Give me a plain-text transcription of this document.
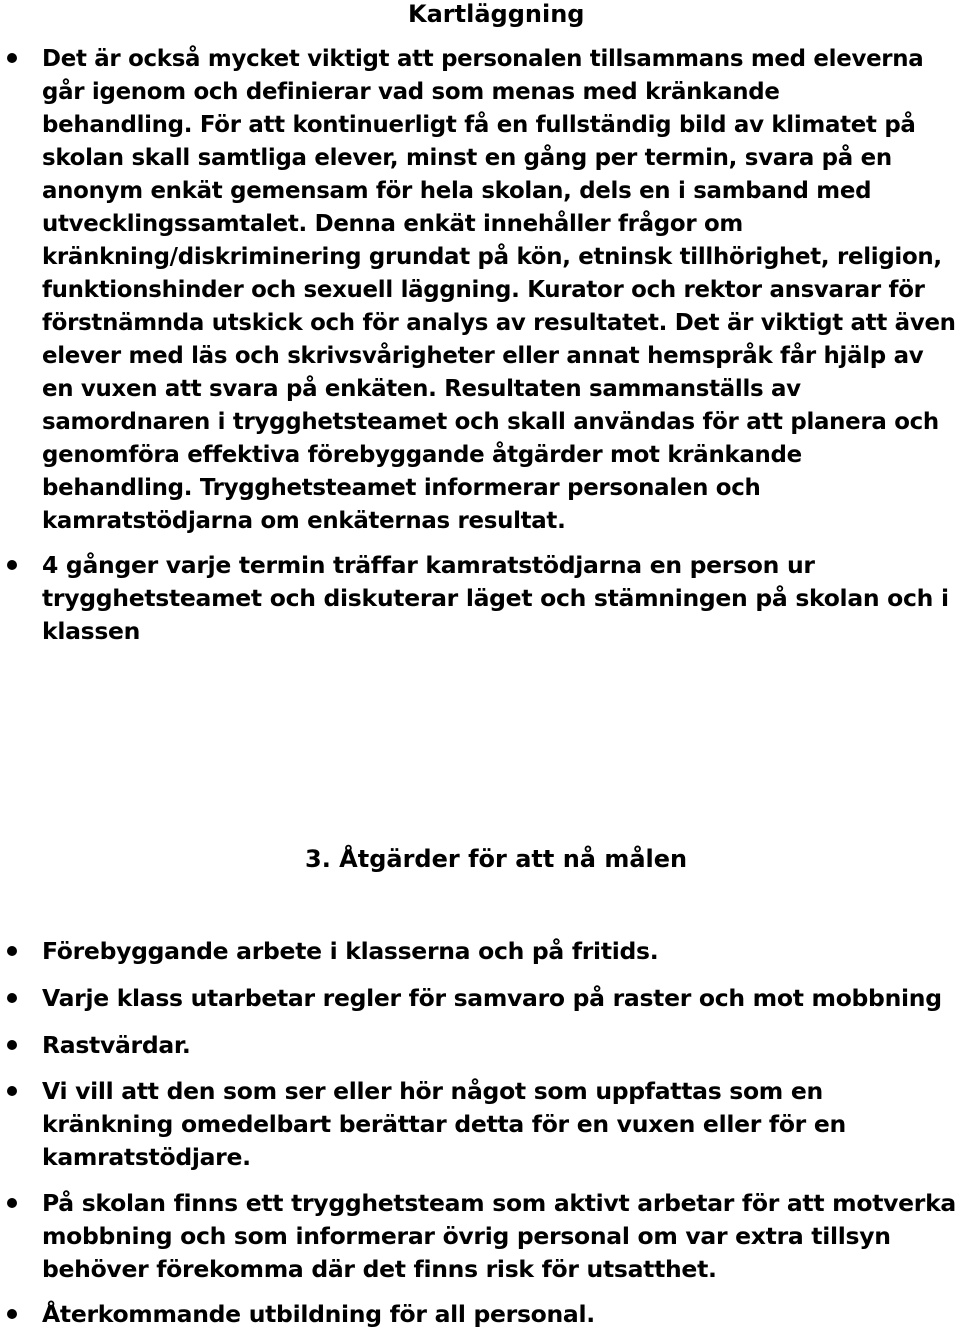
Kartläggning

Det är också mycket viktigt att personalen tillsammans med eleverna
går igenom och definierar vad som menas med kränkande
behandling. För att kontinuerligt få en fullständig bild av klimatet på
skolan skall samtliga elever, minst en gång per termin, svara på en
anonym enkät gemensam för hela skolan, dels en i samband med
utvecklingssamtalet. Denna enkät innehåller frågor om
kränkning/diskriminering grundat på kön, etninsk tillhörighet, religion,
funktionshinder och sexuell läggning. Kurator och rektor ansvarar för
förstnämnda utskick och för analys av resultatet. Det är viktigt att även
elever med läs och skrivsvårigheter eller annat hemspråk får hjälp av
en vuxen att svara på enkäten. Resultaten sammanställs av
samordnaren i trygghetsteamet och skall användas för att planera och
genomföra effektiva förebyggande åtgärder mot kränkande
behandling. Trygghetsteamet informerar personalen och
kamratstödjarna om enkäternas resultat.

4 gånger varje termin träffar kamratstödjarna en person ur
trygghetsteamet och diskuterar läget och stämningen på skolan och i
klassen

3. Åtgärder för att nå målen

Förebyggande arbete i klasserna och på fritids.

Varje klass utarbetar regler för samvaro på raster och mot mobbning

Rastvärdar.

Vi vill att den som ser eller hör något som uppfattas som en
kränkning omedelbart berättar detta för en vuxen eller för en
kamratstödjare.

På skolan finns ett trygghetsteam som aktivt arbetar för att motverka
mobbning och som informerar övrig personal om var extra tillsyn
behöver förekomma där det finns risk för utsatthet.

Återkommande utbildning för all personal.
